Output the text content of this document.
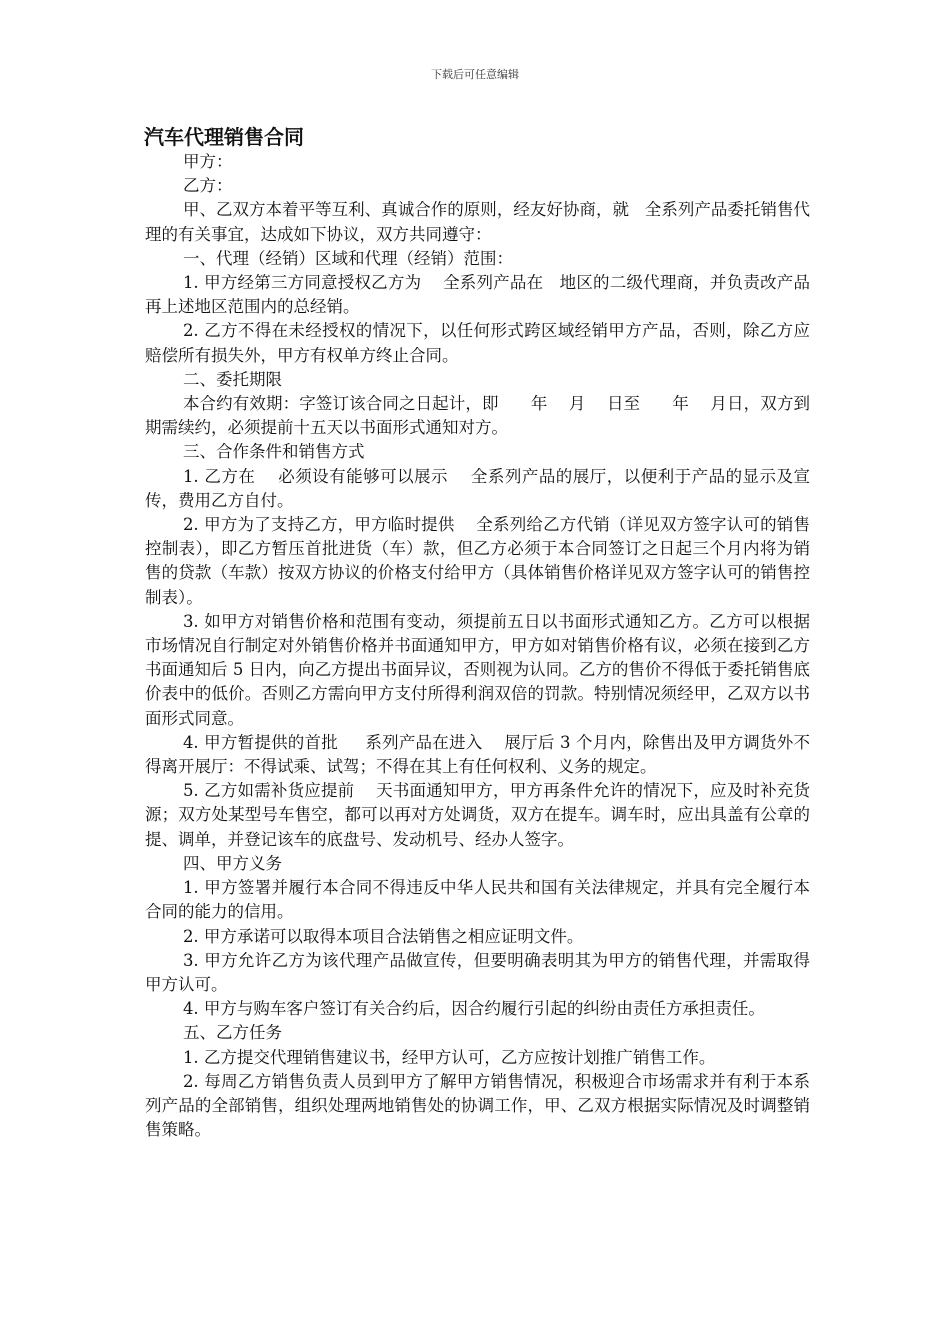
下载后可任意编辑
汽车代理销售合同

甲方：

乙方：

甲、乙双方本着平等互利、真诚合作的原则，经友好协商，就   全系列产品委托销售代理的有关事宜，达成如下协议，双方共同遵守：

一、代理（经销）区域和代理（经销）范围：

1. 甲方经第三方同意授权乙方为    全系列产品在   地区的二级代理商，并负责改产品再上述地区范围内的总经销。

2. 乙方不得在未经授权的情况下，以任何形式跨区域经销甲方产品，否则，除乙方应赔偿所有损失外，甲方有权单方终止合同。

二、委托期限

本合约有效期：字签订该合同之日起计，即      年    月    日至      年    月日，双方到期需续约，必须提前十五天以书面形式通知对方。

三、合作条件和销售方式

1. 乙方在    必须设有能够可以展示    全系列产品的展厅，以便利于产品的显示及宣传，费用乙方自付。

2. 甲方为了支持乙方，甲方临时提供    全系列给乙方代销（详见双方签字认可的销售控制表），即乙方暂压首批进货（车）款，但乙方必须于本合同签订之日起三个月内将为销售的贷款（车款）按双方协议的价格支付给甲方（具体销售价格详见双方签字认可的销售控制表）。

3. 如甲方对销售价格和范围有变动，须提前五日以书面形式通知乙方。乙方可以根据市场情况自行制定对外销售价格并书面通知甲方，甲方如对销售价格有议，必须在接到乙方书面通知后 5 日内，向乙方提出书面异议，否则视为认同。乙方的售价不得低于委托销售底价表中的低价。否则乙方需向甲方支付所得利润双倍的罚款。特别情况须经甲，乙双方以书面形式同意。

4. 甲方暂提供的首批     系列产品在进入    展厅后 3 个月内，除售出及甲方调货外不得离开展厅：不得试乘、试驾；不得在其上有任何权利、义务的规定。

5. 乙方如需补货应提前    天书面通知甲方，甲方再条件允许的情况下，应及时补充货源；双方处某型号车售空，都可以再对方处调货，双方在提车。调车时，应出具盖有公章的提、调单，并登记该车的底盘号、发动机号、经办人签字。

四、甲方义务

1. 甲方签署并履行本合同不得违反中华人民共和国有关法律规定，并具有完全履行本合同的能力的信用。

2. 甲方承诺可以取得本项目合法销售之相应证明文件。

3. 甲方允许乙方为该代理产品做宣传，但要明确表明其为甲方的销售代理，并需取得甲方认可。

4. 甲方与购车客户签订有关合约后，因合约履行引起的纠纷由责任方承担责任。

五、乙方任务

1. 乙方提交代理销售建议书，经甲方认可，乙方应按计划推广销售工作。

2. 每周乙方销售负责人员到甲方了解甲方销售情况，积极迎合市场需求并有利于本系列产品的全部销售，组织处理两地销售处的协调工作，甲、乙双方根据实际情况及时调整销售策略。
